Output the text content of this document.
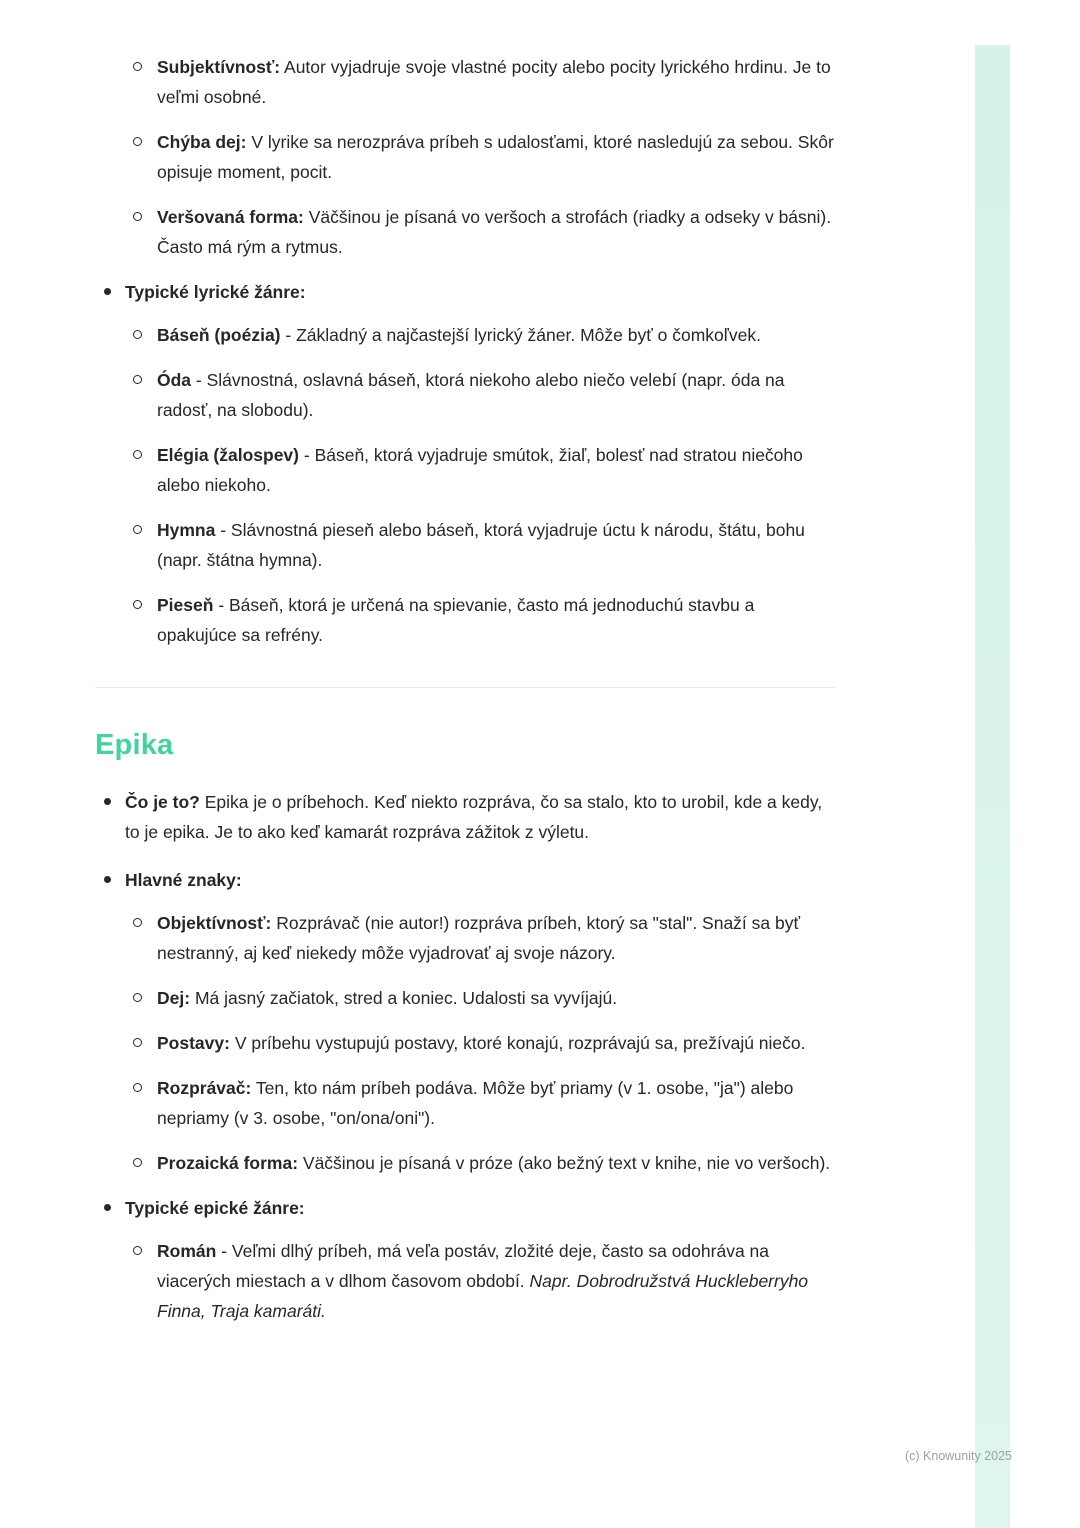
Subjektívnosť: Autor vyjadruje svoje vlastné pocity alebo pocity lyrického hrdinu. Je to veľmi osobné.
Chýba dej: V lyrike sa nerozpráva príbeh s udalosťami, ktoré nasledujú za sebou. Skôr opisuje moment, pocit.
Veršovaná forma: Väčšinou je písaná vo veršoch a strofách (riadky a odseky v básni). Často má rým a rytmus.
Typické lyrické žánre:
Báseň (poézia) - Základný a najčastejší lyrický žáner. Môže byť o čomkoľvek.
Óda - Slávnostná, oslavná báseň, ktorá niekoho alebo niečo velebí (napr. óda na radosť, na slobodu).
Elégia (žalospev) - Báseň, ktorá vyjadruje smútok, žiaľ, bolesť nad stratou niečoho alebo niekoho.
Hymna - Slávnostná pieseň alebo báseň, ktorá vyjadruje úctu k národu, štátu, bohu (napr. štátna hymna).
Pieseň - Báseň, ktorá je určená na spievanie, často má jednoduchú stavbu a opakujúce sa refrény.
Epika
Čo je to? Epika je o príbehoch. Keď niekto rozpráva, čo sa stalo, kto to urobil, kde a kedy, to je epika. Je to ako keď kamarát rozpráva zážitok z výletu.
Hlavné znaky:
Objektívnosť: Rozprávač (nie autor!) rozpráva príbeh, ktorý sa "stal". Snaží sa byť nestranný, aj keď niekedy môže vyjadrovať aj svoje názory.
Dej: Má jasný začiatok, stred a koniec. Udalosti sa vyvíjajú.
Postavy: V príbehu vystupujú postavy, ktoré konajú, rozprávajú sa, prežívajú niečo.
Rozprávač: Ten, kto nám príbeh podáva. Môže byť priamy (v 1. osobe, "ja") alebo nepriamy (v 3. osobe, "on/ona/oni").
Prozaická forma: Väčšinou je písaná v próze (ako bežný text v knihe, nie vo veršoch).
Typické epické žánre:
Román - Veľmi dlhý príbeh, má veľa postáv, zložité deje, často sa odohráva na viacerých miestach a v dlhom časovom období. Napr. Dobrodružstvá Huckleberryho Finna, Traja kamaráti.
(c) Knowunity 2025
